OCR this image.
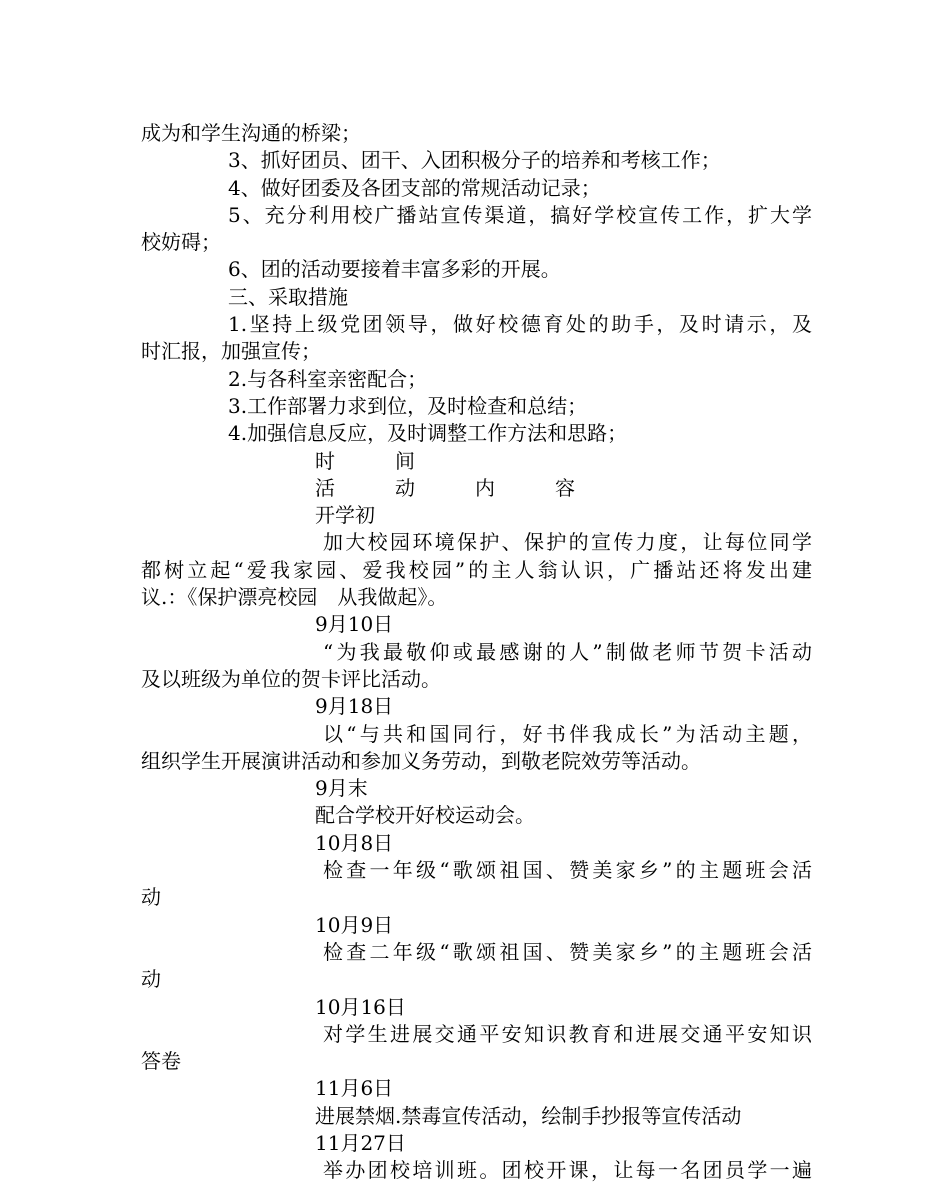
成为和学生沟通的桥梁；
3、抓好团员、团干、入团积极分子的培养和考核工作；
4、做好团委及各团支部的常规活动记录；
5、充分利用校广播站宣传渠道，搞好学校宣传工作，扩大学
校妨碍；
6、团的活动要接着丰富多彩的开展。
三、采取措施
1.坚持上级党团领导，做好校德育处的助手，及时请示，及
时汇报，加强宣传；
2.与各科室亲密配合；
3.工作部署力求到位，及时检查和总结；
4.加强信息反应，及时调整工作方法和思路；
时　　　间
活　　　动　　　内　　　容
开学初
加大校园环境保护、保护的宣传力度，让每位同学
都树立起“爱我家园、爱我校园”的主人翁认识，广播站还将发出建
议.：《保护漂亮校园　从我做起》。
9月10日
“为我最敬仰或最感谢的人”制做老师节贺卡活动
及以班级为单位的贺卡评比活动。
9月18日
以“与共和国同行，好书伴我成长”为活动主题，
组织学生开展演讲活动和参加义务劳动，到敬老院效劳等活动。
9月末
配合学校开好校运动会。
10月8日
检查一年级“歌颂祖国、赞美家乡”的主题班会活
动
10月9日
检查二年级“歌颂祖国、赞美家乡”的主题班会活
动
10月16日
对学生进展交通平安知识教育和进展交通平安知识
答卷
11月6日
进展禁烟.禁毒宣传活动，绘制手抄报等宣传活动
11月27日
举办团校培训班。团校开课，让每一名团员学一遍
